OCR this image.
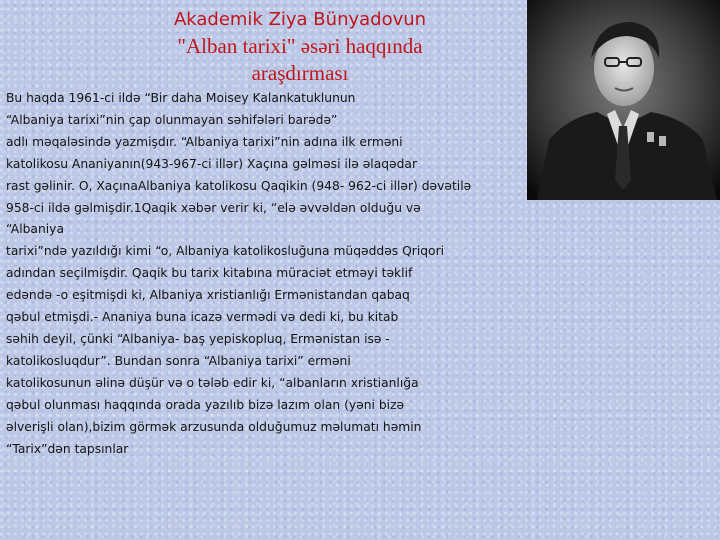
Akademik Ziya Bünyadovun
"Alban tarixi" əsəri haqqında
araşdırması
Bu haqda 1961-ci ildə “Bir daha Moisey Kalankatuklunun
“Albaniya tarixi”nin çap olunmayan səhifələri barədə”
adlı məqaləsində yazmişdır. “Albaniya tarixi”nin adına ilk erməni
katolikosu Ananiyanın(943-967-ci illər) Xaçına gəlməsi ilə əlaqədar
rast gəlinir. O, XaçınaAlbaniya katolikosu Qaqikin (948- 962-ci illər) dəvətilə
958-ci ildə gəlmişdir.1Qaqik xəbər verir ki, “elə əvvəldən olduğu və
“Albaniya
tarixi”ndə yazıldığı kimi “o, Albaniya katolikosluğuna müqəddəs Qriqori
adından seçilmişdir. Qaqik bu tarix kitabına müraciət etməyi təklif
edəndə -o eşitmişdi ki, Albaniya xristianlığı Ermənistandan qabaq
qəbul etmişdi.- Ananiya buna icazə vermədi və dedi ki, bu kitab
səhih deyil, çünki “Albaniya- baş yepiskopluq, Ermənistan isə -
katolikosluqdur”. Bundan sonra “Albaniya tarixi” erməni
katolikosunun əlinə düşür və o tələb edir ki, “albanların xristianlığa
qəbul olunması haqqında orada yazılıb bizə lazım olan (yəni bizə
əlverişli olan),bizim görmək arzusunda olduğumuz məlumatı həmin
“Tarix”dən tapsınlar
